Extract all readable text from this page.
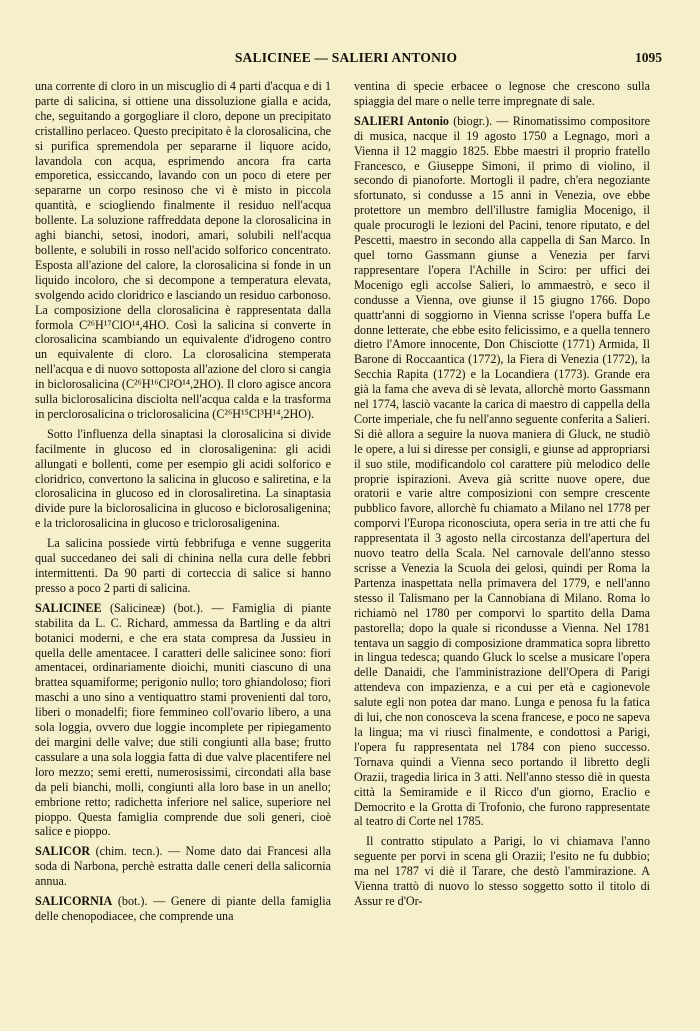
SALICINEE — SALIERI ANTONIO	1095

una corrente di cloro in un miscuglio di 4 parti d'acqua e di 1 parte di salicina, si ottiene una dissoluzione gialla e acida, che, seguitando a gorgogliare il cloro, depone un precipitato cristallino perlaceo. Questo precipitato è la clorosalicina, che si purifica spremendola per separarne il liquore acido, lavandola con acqua, esprimendo ancora fra carta emporetica, essiccando, lavando con un poco di etere per separarne un corpo resinoso che vi è misto in piccola quantità, e sciogliendo finalmente il residuo nell'acqua bollente. La soluzione raffreddata depone la clorosalicina in aghi bianchi, setosi, inodori, amari, solubili nell'acqua bollente, e solubili in rosso nell'acido solforico concentrato. Esposta all'azione del calore, la clorosalicina si fonde in un liquido incoloro, che si decompone a temperatura elevata, svolgendo acido cloridrico e lasciando un residuo carbonoso. La composizione della clorosalicina è rappresentata dalla formola C²⁶H¹⁷ClO¹⁴,4HO. Così la salicina si converte in clorosalicina scambiando un equivalente d'idrogeno contro un equivalente di cloro. La clorosalicina stemperata nell'acqua e di nuovo sottoposta all'azione del cloro si cangia in biclorosalicina (C²⁶H¹⁶Cl²O¹⁴,2HO). Il cloro agisce ancora sulla biclorosalicina disciolta nell'acqua calda e la trasforma in perclorosalicina o triclorosalicina (C²⁶H¹⁵Cl³H¹⁴,2HO).

Sotto l'influenza della sinaptasi la clorosalicina si divide facilmente in glucoso ed in clorosaligenina: gli acidi allungati e bollenti, come per esempio gli acidi solforico e cloridrico, convertono la salicina in glucoso e saliretina, e la clorosalicina in glucoso ed in clorosaliretina. La sinaptasia divide pure la biclorosalicina in glucoso e biclorosaligenina; e la triclorosalicina in glucoso e triclorosaligenina.

La salicina possiede virtù febbrifuga e venne suggerita qual succedaneo dei sali di chinina nella cura delle febbri intermittenti. Da 90 parti di corteccia di salice si hanno presso a poco 2 parti di salicina.

SALICINEE (Salicineæ) (bot.). — Famiglia di piante stabilita da L. C. Richard, ammessa da Bartling e da altri botanici moderni, e che era stata compresa da Jussieu in quella delle amentacee. I caratteri delle salicinee sono: fiori amentacei, ordinariamente dioichi, muniti ciascuno di una brattea squamiforme; perigonio nullo; toro ghiandoloso; fiori maschi a uno sino a ventiquattro stami provenienti dal toro, liberi o monadelfi; fiore femmineo coll'ovario libero, a una sola loggia, ovvero due loggie incomplete per ripiegamento dei margini delle valve; due stili congiunti alla base; frutto cassulare a una sola loggia fatta di due valve placentifere nel loro mezzo; semi eretti, numerosissimi, circondati alla base da peli bianchi, molli, congiunti alla loro base in un anello; embrione retto; radichetta inferiore nel salice, superiore nel pioppo. Questa famiglia comprende due soli generi, cioè salice e pioppo.

SALICOR (chim. tecn.). — Nome dato dai Francesi alla soda di Narbona, perchè estratta dalle ceneri della salicornia annua.

SALICORNIA (bot.). — Genere di piante della famiglia delle chenopodiacee, che comprende una

ventina di specie erbacee o legnose che crescono sulla spiaggia del mare o nelle terre impregnate di sale.

SALIERI Antonio (biogr.). — Rinomatissimo compositore di musica, nacque il 19 agosto 1750 a Legnago, morì a Vienna il 12 maggio 1825. Ebbe maestri il proprio fratello Francesco, e Giuseppe Simoni, il primo di violino, il secondo di pianoforte. Mortogli il padre, ch'era negoziante sfortunato, si condusse a 15 anni in Venezia, ove ebbe protettore un membro dell'illustre famiglia Mocenigo, il quale procurogli le lezioni del Pacini, tenore riputato, e del Pescetti, maestro in secondo alla cappella di San Marco. In quel torno Gassmann giunse a Venezia per farvi rappresentare l'opera l'Achille in Sciro: per uffici dei Mocenigo egli accolse Salieri, lo ammaestrò, e seco il condusse a Vienna, ove giunse il 15 giugno 1766. Dopo quattr'anni di soggiorno in Vienna scrisse l'opera buffa Le donne letterate, che ebbe esito felicissimo, e a quella tennero dietro l'Amore innocente, Don Chisciotte (1771) Armida, Il Barone di Roccaantica (1772), la Fiera di Venezia (1772), la Secchia Rapita (1772) e la Locandiera (1773). Grande era già la fama che aveva di sè levata, allorchè morto Gassmann nel 1774, lasciò vacante la carica di maestro di cappella della Corte imperiale, che fu nell'anno seguente conferita a Salieri. Si diè allora a seguire la nuova maniera di Gluck, ne studiò le opere, a lui si diresse per consigli, e giunse ad appropriarsi il suo stile, modificandolo col carattere più melodico delle proprie ispirazioni. Aveva già scritte nuove opere, due oratorii e varie altre composizioni con sempre crescente pubblico favore, allorchè fu chiamato a Milano nel 1778 per comporvi l'Europa riconosciuta, opera seria in tre atti che fu rappresentata il 3 agosto nella circostanza dell'apertura del nuovo teatro della Scala. Nel carnovale dell'anno stesso scrisse a Venezia la Scuola dei gelosi, quindi per Roma la Partenza inaspettata nella primavera del 1779, e nell'anno stesso il Talismano per la Cannobiana di Milano. Roma lo richiamò nel 1780 per comporvi lo spartito della Dama pastorella; dopo la quale si ricondusse a Vienna. Nel 1781 tentava un saggio di composizione drammatica sopra libretto in lingua tedesca; quando Gluck lo scelse a musicare l'opera delle Danaidi, che l'amministrazione dell'Opera di Parigi attendeva con impazienza, e a cui per età e cagionevole salute egli non potea dar mano. Lunga e penosa fu la fatica di lui, che non conosceva la scena francese, e poco ne sapeva la lingua; ma vi riuscì finalmente, e condottosi a Parigi, l'opera fu rappresentata nel 1784 con pieno successo. Tornava quindi a Vienna seco portando il libretto degli Orazii, tragedia lirica in 3 atti. Nell'anno stesso diè in questa città la Semiramide e il Ricco d'un giorno, Eraclio e Democrito e la Grotta di Trofonio, che furono rappresentate al teatro di Corte nel 1785.

Il contratto stipulato a Parigi, lo vi chiamava l'anno seguente per porvi in scena gli Orazii; l'esito ne fu dubbio; ma nel 1787 vi diè il Tarare, che destò l'ammirazione. A Vienna trattò di nuovo lo stesso soggetto sotto il titolo di Assur re d'Or-
